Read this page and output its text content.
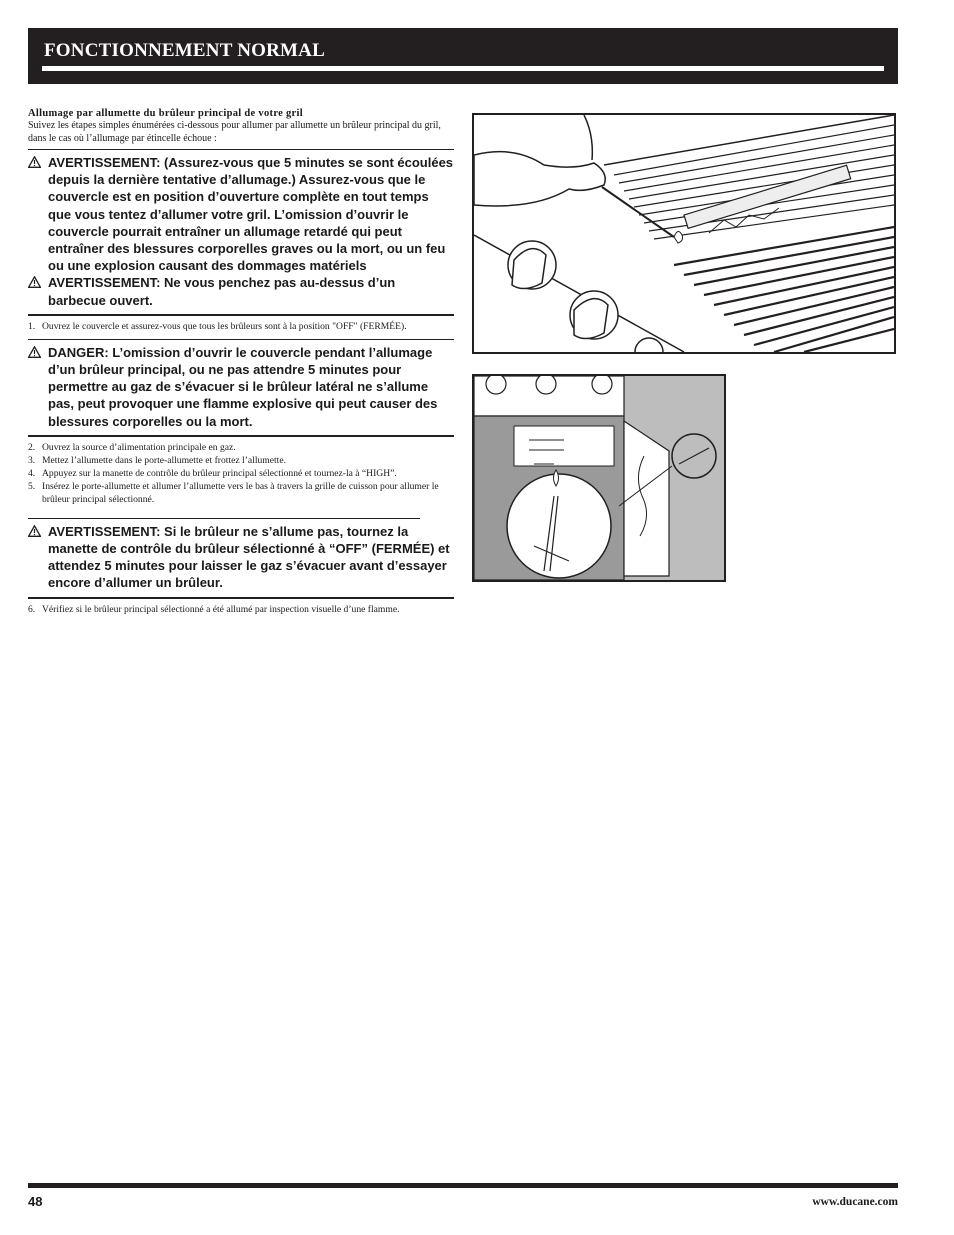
FONCTIONNEMENT NORMAL

Allumage par allumette du brûleur principal de votre gril

Suivez les étapes simples énumérées ci-dessous pour allumer par allumette un brûleur principal du gril, dans le cas où l’allumage par étincelle échoue :

AVERTISSEMENT: (Assurez-vous que 5 minutes se sont écoulées depuis la dernière tentative d’allumage.) Assurez-vous que le couvercle est en position d’ouverture complète en tout temps que vous tentez d’allumer votre gril. L’omission d’ouvrir le couvercle pourrait entraîner un allumage retardé qui peut entraîner des blessures corporelles graves ou la mort, ou un feu ou une explosion causant des dommages matériels
AVERTISSEMENT: Ne vous penchez pas au-dessus d’un barbecue ouvert.
1. Ouvrez le couvercle et assurez-vous que tous les brûleurs sont à la position "OFF" (FERMÉE).
DANGER: L’omission d’ouvrir le couvercle pendant l’allumage d’un brûleur principal, ou ne pas attendre 5 minutes pour permettre au gaz de s’évacuer si le brûleur latéral ne s’allume pas, peut provoquer une flamme explosive qui peut causer des blessures corporelles ou la mort.
2. Ouvrez la source d’alimentation principale en gaz.
3. Mettez l’allumette dans le porte-allumette et frottez l’allumette.
4. Appuyez sur la manette de contrôle du brûleur principal sélectionné et tournez-la à “HIGH”.
5. Insérez le porte-allumette et allumer l’allumette vers le bas à travers la grille de cuisson pour allumer le brûleur principal sélectionné.
AVERTISSEMENT: Si le brûleur ne s’allume pas, tournez la manette de contrôle du brûleur sélectionné à “OFF” (FERMÉE) et attendez 5 minutes pour laisser le gaz s’évacuer avant d’essayer encore d’allumer un brûleur.
6. Vérifiez si le brûleur principal sélectionné a été allumé par inspection visuelle d’une flamme.
48	www.ducane.com
